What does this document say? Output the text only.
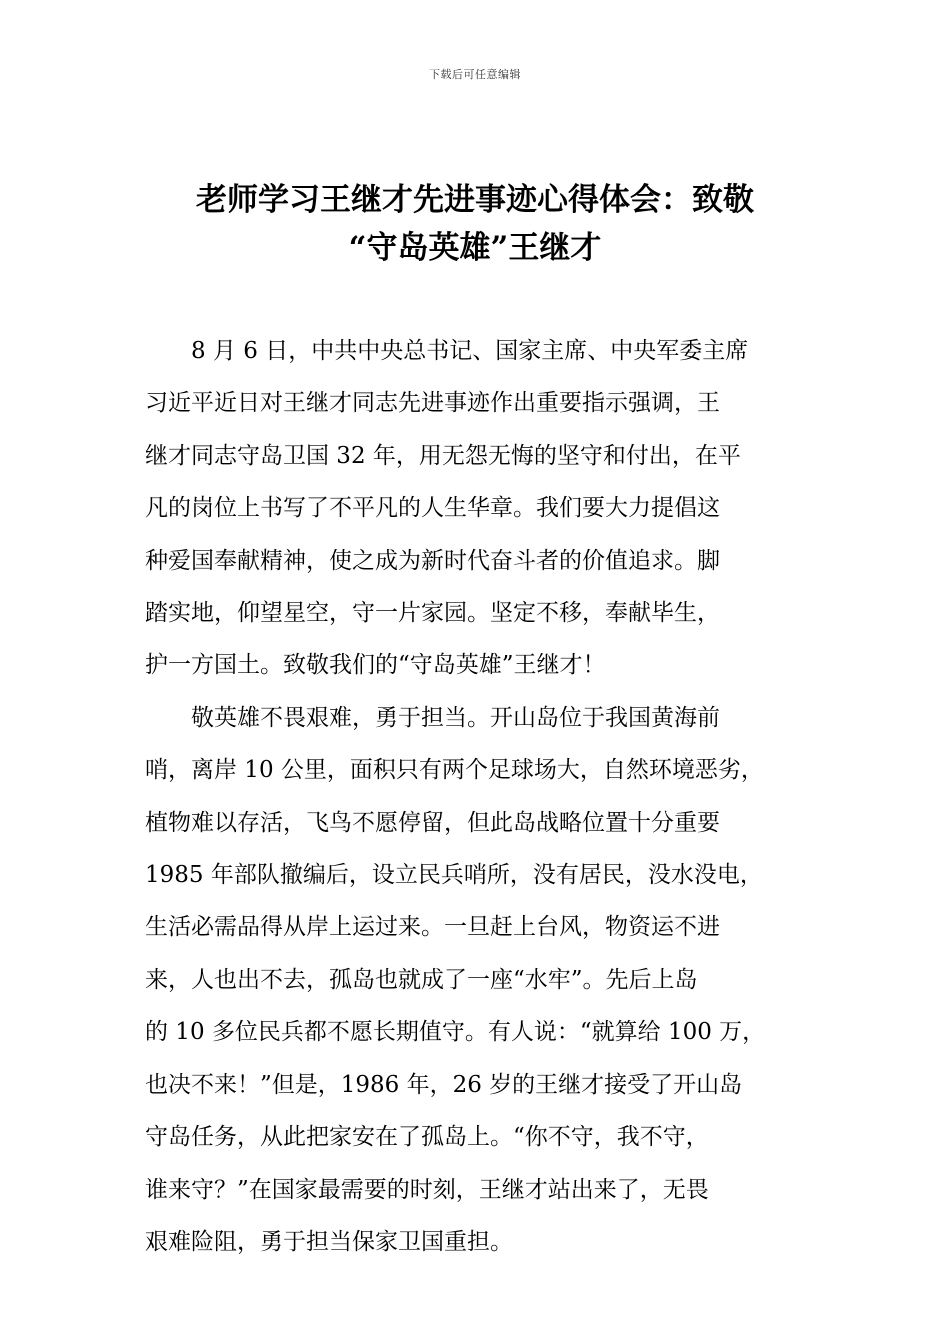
下载后可任意编辑
老师学习王继才先进事迹心得体会：致敬
“守岛英雄”王继才

　　8 月 6 日，中共中央总书记、国家主席、中央军委主席
习近平近日对王继才同志先进事迹作出重要指示强调，王
继才同志守岛卫国 32 年，用无怨无悔的坚守和付出，在平
凡的岗位上书写了不平凡的人生华章。我们要大力提倡这
种爱国奉献精神，使之成为新时代奋斗者的价值追求。脚
踏实地，仰望星空，守一片家园。坚定不移，奉献毕生，
护一方国土。致敬我们的“守岛英雄”王继才！

　　敬英雄不畏艰难，勇于担当。开山岛位于我国黄海前
哨，离岸 10 公里，面积只有两个足球场大，自然环境恶劣，
植物难以存活，飞鸟不愿停留，但此岛战略位置十分重要
1985 年部队撤编后，设立民兵哨所，没有居民，没水没电，
生活必需品得从岸上运过来。一旦赶上台风，物资运不进
来，人也出不去，孤岛也就成了一座“水牢”。先后上岛
的 10 多位民兵都不愿长期值守。有人说：“就算给 100 万，
也决不来！”但是，1986 年，26 岁的王继才接受了开山岛
守岛任务，从此把家安在了孤岛上。“你不守，我不守，
谁来守？”在国家最需要的时刻，王继才站出来了，无畏
艰难险阻，勇于担当保家卫国重担。
